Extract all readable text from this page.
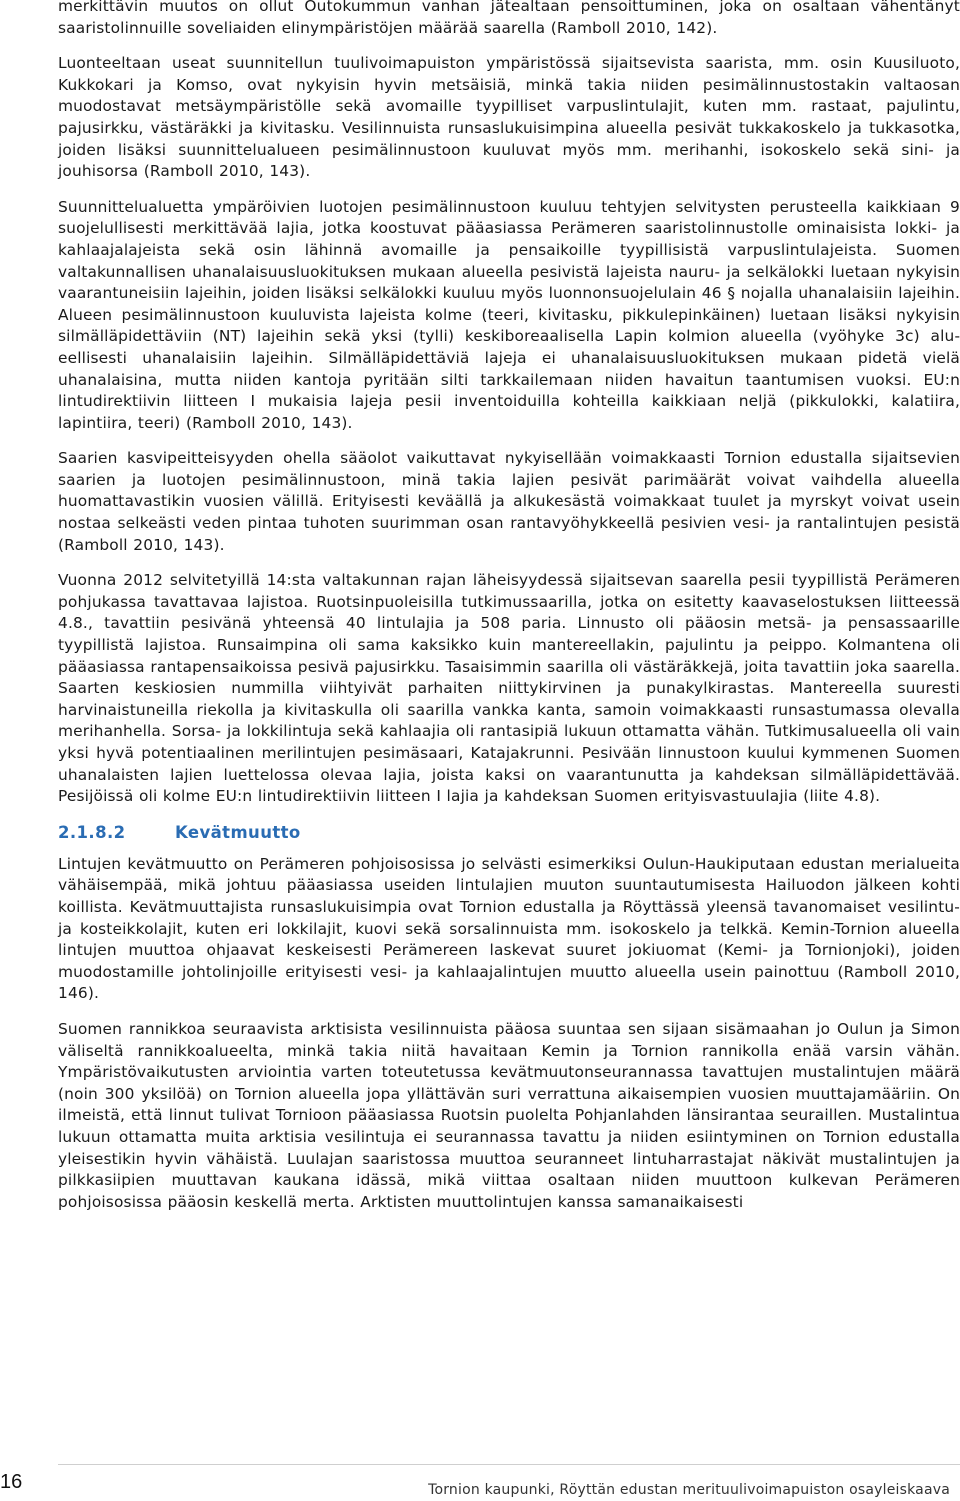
merkittävin muutos on ollut Outokummun vanhan jätealtaan pensoittuminen, joka on osaltaan vähentänyt saaristolinnuille soveliaiden elinympäristöjen määrää saarella (Ramboll 2010, 142).

Luonteeltaan useat suunnitellun tuulivoimapuiston ympäristössä sijaitsevista saarista, mm. osin Kuusiluoto, Kukkokari ja Komso, ovat nykyisin hyvin metsäisiä, minkä takia niiden pesimälinnustostakin valtaosan muodostavat metsäympäristölle sekä avomaille tyypilliset varpuslintulajit, kuten mm. rastaat, pajulintu, pajusirkku, västäräkki ja kivitasku. Vesilinnuista runsaslukuisimpina alueella pesivät tukkakoskelo ja tukkasotka, joiden lisäksi suunnittelualueen pesimälinnustoon kuuluvat myös mm. merihanhi, isokoskelo sekä sini- ja jouhisorsa (Ramboll 2010, 143).

Suunnittelualuetta ympäröivien luotojen pesimälinnustoon kuuluu tehtyjen selvitysten perusteella kaikkiaan 9 suojelullisesti merkittävää lajia, jotka koostuvat pääasiassa Perämeren saaristolinnustolle ominaisista lokki- ja kahlaajalajeista sekä osin lähinnä avomaille ja pensaikoille tyypillisistä varpuslintulajeista. Suomen valtakunnallisen uhanalaisuusluokituksen mukaan alueella pesivistä lajeista nauru- ja selkälokki luetaan nykyisin vaarantuneisiin lajeihin, joiden lisäksi selkälokki kuuluu myös luonnonsuojelulain 46 § nojalla uhanalaisiin lajeihin. Alueen pesimälinnustoon kuuluvista lajeista kolme (teeri, kivitasku, pikkulepinkäinen) luetaan lisäksi nykyisin silmälläpidettäviin (NT) lajeihin sekä yksi (tylli) keskiboreaalisella Lapin kolmion alueella (vyöhyke 3c) alueellisesti uhanalaisiin lajeihin. Silmälläpidettäviä lajeja ei uhanalaisuusluokituksen mukaan pidetä vielä uhanalaisina, mutta niiden kantoja pyritään silti tarkkailemaan niiden havaitun taantumisen vuoksi. EU:n lintudirektiivin liitteen I mukaisia lajeja pesii inventoiduilla kohteilla kaikkiaan neljä (pikkulokki, kalatiira, lapintiira, teeri) (Ramboll 2010, 143).

Saarien kasvipeitteisyyden ohella sääolot vaikuttavat nykyisellään voimakkaasti Tornion edustalla sijaitsevien saarien ja luotojen pesimälinnustoon, minä takia lajien pesivät parimäärät voivat vaihdella alueella huomattavastikin vuosien välillä. Erityisesti keväällä ja alkukesästä voimakkaat tuulet ja myrskyt voivat usein nostaa selkeästi veden pintaa tuhoten suurimman osan rantavyöhykkeellä pesivien vesi- ja rantalintujen pesistä (Ramboll 2010, 143).

Vuonna 2012 selvitetyillä 14:sta valtakunnan rajan läheisyydessä sijaitsevan saarella pesii tyypillistä Perämeren pohjukassa tavattavaa lajistoa. Ruotsinpuoleisilla tutkimussaarilla, jotka on esitetty kaavaselostuksen liitteessä 4.8., tavattiin pesivänä yhteensä 40 lintulajia ja 508 paria. Linnusto oli pääosin metsä- ja pensassaarille tyypillistä lajistoa. Runsaimpina oli sama kaksikko kuin mantereellakin, pajulintu ja peippo. Kolmantena oli pääasiassa rantapensaikoissa pesivä pajusirkku. Tasaisimmin saarilla oli västäräkkejä, joita tavattiin joka saarella. Saarten keskiosien nummilla viihtyivät parhaiten niittykirvinen ja punakylkirastas. Mantereella suuresti harvinaistuneilla riekolla ja kivitaskulla oli saarilla vankka kanta, samoin voimakkaasti runsastumassa olevalla merihanhella. Sorsa- ja lokkilintuja sekä kahlaajia oli rantasipiä lukuun ottamatta vähän. Tutkimusalueella oli vain yksi hyvä potentiaalinen merilintujen pesimäsaari, Katajakrunni. Pesivään linnustoon kuului kymmenen Suomen uhanalaisten lajien luettelossa olevaa lajia, joista kaksi on vaarantunutta ja kahdeksan silmälläpidettävää. Pesijöissä oli kolme EU:n lintudirektiivin liitteen I lajia ja kahdeksan Suomen erityisvastuulajia (liite 4.8).

2.1.8.2	Kevätmuutto

Lintujen kevätmuutto on Perämeren pohjoisosissa jo selvästi esimerkiksi Oulun-Haukiputaan edustan merialueita vähäisempää, mikä johtuu pääasiassa useiden lintulajien muuton suuntautumisesta Hailuodon jälkeen kohti koillista. Kevätmuuttajista runsaslukuisimpia ovat Tornion edustalla ja Röyttässä yleensä tavanomaiset vesilintu- ja kosteikkolajit, kuten eri lokkilajit, kuovi sekä sorsalinnuista mm. isokoskelo ja telkkä. Kemin-Tornion alueella lintujen muuttoa ohjaavat keskeisesti Perämereen laskevat suuret jokiuomat (Kemi- ja Tornionjoki), joiden muodostamille johtolinjoille erityisesti vesi- ja kahlaajalintujen muutto alueella usein painottuu (Ramboll 2010, 146).

Suomen rannikkoa seuraavista arktisista vesilinnuista pääosa suuntaa sen sijaan sisämaahan jo Oulun ja Simon väliseltä rannikkoalueelta, minkä takia niitä havaitaan Kemin ja Tornion rannikolla enää varsin vähän. Ympäristövaikutusten arviointia varten toteutetussa kevätmuutonseurannassa tavattujen mustalintujen määrä (noin 300 yksilöä) on Tornion alueella jopa yllättävän suri verrattuna aikaisempien vuosien muuttajamääriin. On ilmeistä, että linnut tulivat Tornioon pääasiassa Ruotsin puolelta Pohjanlahden länsirantaa seuraillen. Mustalintua lukuun ottamatta muita arktisia vesilintuja ei seurannassa tavattu ja niiden esiintyminen on Tornion edustalla yleisestikin hyvin vähäistä. Luulajan saaristossa muuttoa seuranneet lintuharrastajat näkivät mustalintujen ja pilkkasiipien muuttavan kaukana idässä, mikä viittaa osaltaan niiden muuttoon kulkevan Perämeren pohjoisosissa pääosin keskellä merta. Arktisten muuttolintujen kanssa samanaikaisesti

16	Tornion kaupunki, Röyttän edustan merituulivoimapuiston osayleiskaava
